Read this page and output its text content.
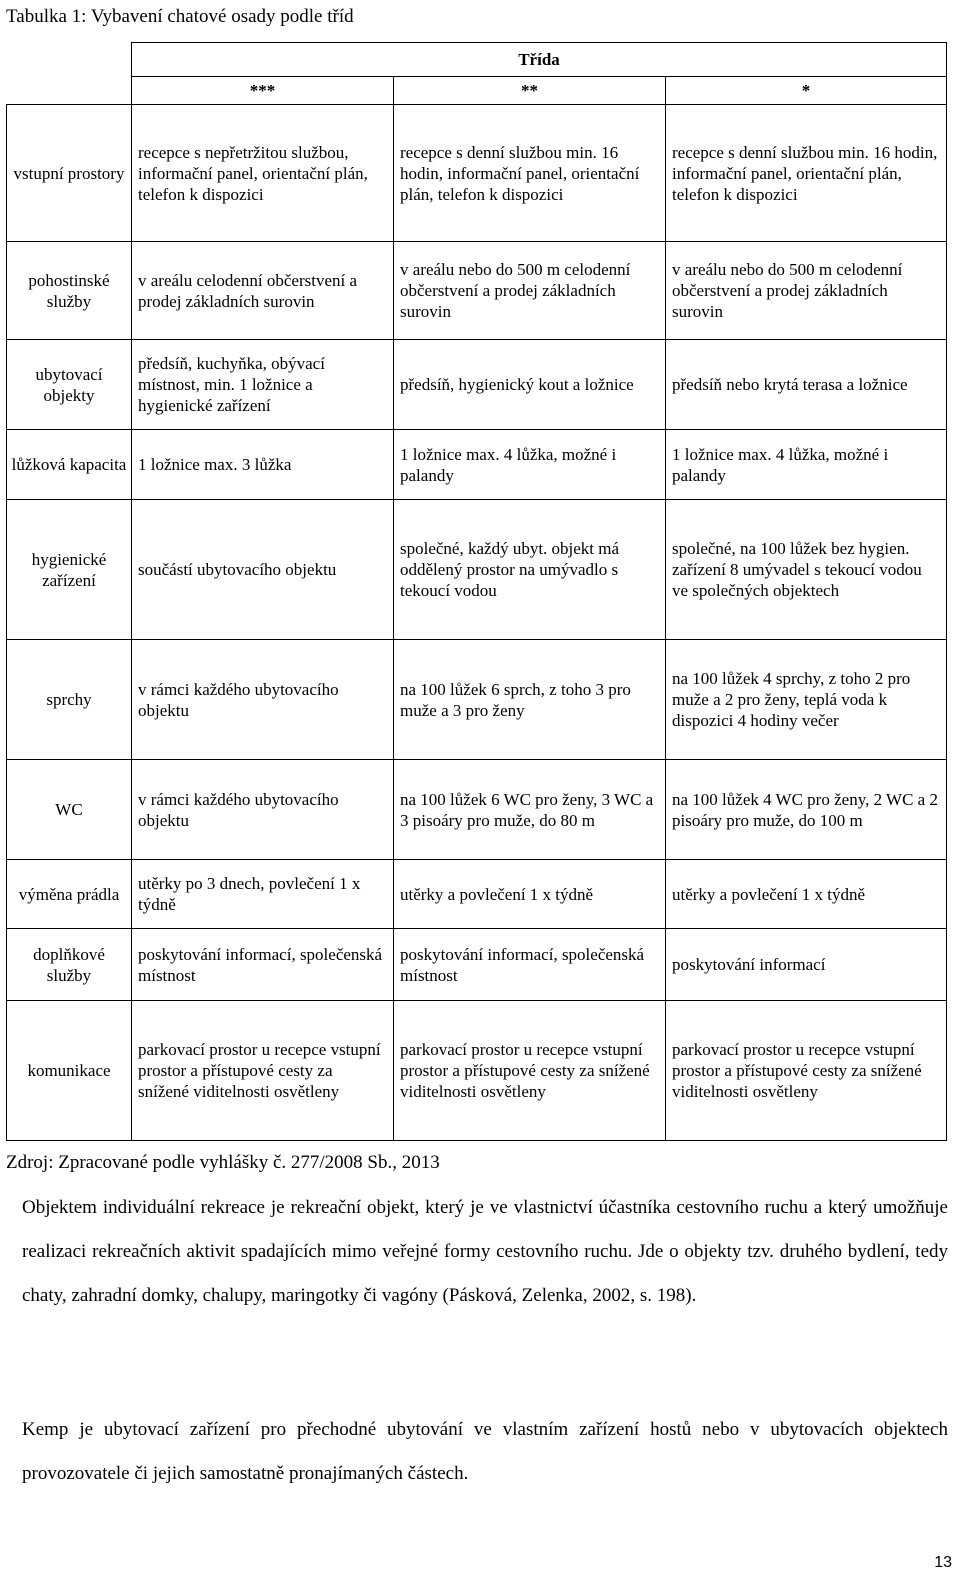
Tabulka 1: Vybavení chatové osady podle tříd
	Třída		
	***	**	*
vstupní prostory	recepce s nepřetržitou službou, informační panel, orientační plán, telefon k dispozici	recepce s denní službou min. 16 hodin, informační panel, orientační plán, telefon k dispozici	recepce s denní službou min. 16 hodin, informační panel, orientační plán, telefon k dispozici
pohostinské služby	v areálu celodenní občerstvení a prodej základních surovin	v areálu nebo do 500 m celodenní občerstvení a prodej základních surovin	v areálu nebo do 500 m celodenní občerstvení a prodej základních surovin
ubytovací objekty	předsíň, kuchyňka, obývací místnost, min. 1 ložnice a hygienické zařízení	předsíň, hygienický kout a ložnice	předsíň nebo krytá terasa a ložnice
lůžková kapacita	1 ložnice max. 3 lůžka	1 ložnice max. 4 lůžka, možné i palandy	1 ložnice max. 4 lůžka, možné i palandy
hygienické zařízení	součástí ubytovacího objektu	společné, každý ubyt. objekt má oddělený prostor na umývadlo s tekoucí vodou	společné, na 100 lůžek bez hygien. zařízení 8 umývadel s tekoucí vodou ve společných objektech
sprchy	v rámci každého ubytovacího objektu	na 100 lůžek 6 sprch, z toho 3 pro muže a 3 pro ženy	na 100 lůžek 4 sprchy, z toho 2 pro muže a 2 pro ženy, teplá voda k dispozici 4 hodiny večer
WC	v rámci každého ubytovacího objektu	na 100 lůžek 6 WC pro ženy, 3 WC a 3 pisoáry pro muže, do 80 m	na 100 lůžek 4 WC pro ženy, 2 WC a 2 pisoáry pro muže, do 100 m
výměna prádla	utěrky po 3 dnech, povlečení 1 x týdně	utěrky a povlečení 1 x týdně	utěrky a povlečení 1 x týdně
doplňkové služby	poskytování informací, společenská místnost	poskytování informací, společenská místnost	poskytování informací
komunikace	parkovací prostor u recepce vstupní prostor a přístupové cesty za snížené viditelnosti osvětleny	parkovací prostor u recepce vstupní prostor a přístupové cesty za snížené viditelnosti osvětleny	parkovací prostor u recepce vstupní prostor a přístupové cesty za snížené viditelnosti osvětleny
Zdroj: Zpracované podle vyhlášky č. 277/2008 Sb., 2013

Objektem individuální rekreace je rekreační objekt, který je ve vlastnictví účastníka cestovního ruchu a který umožňuje realizaci rekreačních aktivit spadajících mimo veřejné formy cestovního ruchu. Jde o objekty tzv. druhého bydlení, tedy chaty, zahradní domky, chalupy, maringotky či vagóny (Pásková, Zelenka, 2002, s. 198).

Kemp je ubytovací zařízení pro přechodné ubytování ve vlastním zařízení hostů nebo v ubytovacích objektech provozovatele či jejich samostatně pronajímaných částech.

13
